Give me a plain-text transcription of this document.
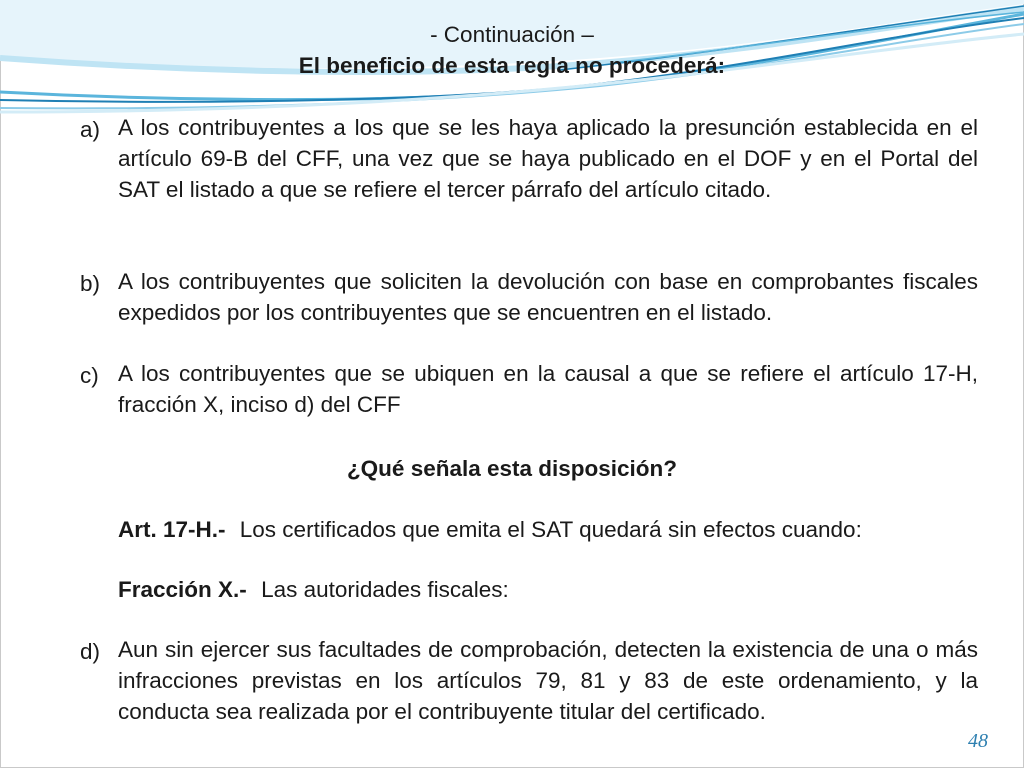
- Continuación –
El beneficio de esta regla no procederá:
a) A los contribuyentes a los que se les haya aplicado la presunción establecida en el artículo 69-B del CFF, una vez que se haya publicado en el DOF y en el Portal del SAT el listado a que se refiere el tercer párrafo del artículo citado.
b) A los contribuyentes que soliciten la devolución con base en comprobantes fiscales expedidos por los contribuyentes que se encuentren en el listado.
c) A los contribuyentes que se ubiquen en la causal a que se refiere el artículo 17-H, fracción X, inciso d) del CFF
¿Qué señala esta disposición?
Art. 17-H.- Los certificados que emita el SAT quedará sin efectos cuando:
Fracción X.- Las autoridades fiscales:
d) Aun sin ejercer sus facultades de comprobación, detecten la existencia de una o más infracciones previstas en los artículos 79, 81 y 83 de este ordenamiento, y la conducta sea realizada por el contribuyente titular del certificado.
48
